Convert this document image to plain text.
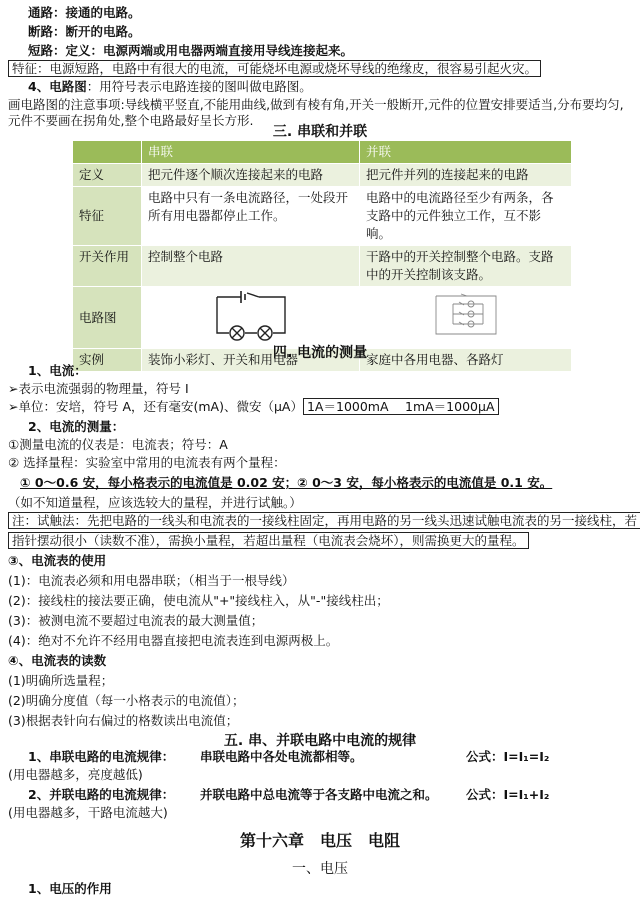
通路：接通的电路。
断路：断开的电路。
短路：定义：电源两端或用电器两端直接用导线连接起来。
特征：电源短路，电路中有很大的电流，可能烧坏电源或烧坏导线的绝缘皮，很容易引起火灾。
4、电路图：用符号表示电路连接的图叫做电路图。
画电路图的注意事项:导线横平竖直,不能用曲线,做到有棱有角,开关一般断开,元件的位置安排要适当,分布要均匀,
元件不要画在拐角处,整个电路最好呈长方形.
三. 串联和并联
	串联	并联
定义	把元件逐个顺次连接起来的电路	把元件并列的连接起来的电路
特征	电路中只有一条电流路径，一处段开所有用电器都停止工作。	电路中的电流路径至少有两条，各支路中的元件独立工作，互不影响。
开关作用	控制整个电路	干路中的开关控制整个电路。支路中的开关控制该支路。
电路图		
实例	装饰小彩灯、开关和用电器	家庭中各用电器、各路灯
四. 电流的测量
1、电流：
➢表示电流强弱的物理量，符号 I
➢单位：安培，符号 A，还有毫安(mA)、微安（μA） 1A＝1000mA　 1mA＝1000μA
2、电流的测量：
①测量电流的仪表是：电流表；符号：A
② 选择量程：实验室中常用的电流表有两个量程：
① 0～0.6 安，每小格表示的电流值是 0.02 安；② 0～3 安，每小格表示的电流值是 0.1 安。
（如不知道量程，应该选较大的量程，并进行试触。）
注：试触法：先把电路的一线头和电流表的一接线柱固定，再用电路的另一线头迅速试触电流表的另一接线柱，若
指针摆动很小（读数不准），需换小量程，若超出量程（电流表会烧坏），则需换更大的量程。
③、电流表的使用
(1)：电流表必须和用电器串联；（相当于一根导线）
(2)：接线柱的接法要正确，使电流从"+"接线柱入，从"-"接线柱出；
(3)：被测电流不要超过电流表的最大测量值；
(4)：绝对不允许不经用电器直接把电流表连到电源两极上。
④、电流表的读数
(1)明确所选量程；
(2)明确分度值（每一小格表示的电流值）；
(3)根据表针向右偏过的格数读出电流值；
五. 串、并联电路中电流的规律
1、串联电路的电流规律： 串联电路中各处电流都相等。	公式：I=I₁=I₂
(用电器越多，亮度越低)
2、并联电路的电流规律： 并联电路中总电流等于各支路中电流之和。 公式：I=I₁+I₂
(用电器越多，干路电流越大)
第十六章　电压　电阻
一、电压
1、电压的作用
